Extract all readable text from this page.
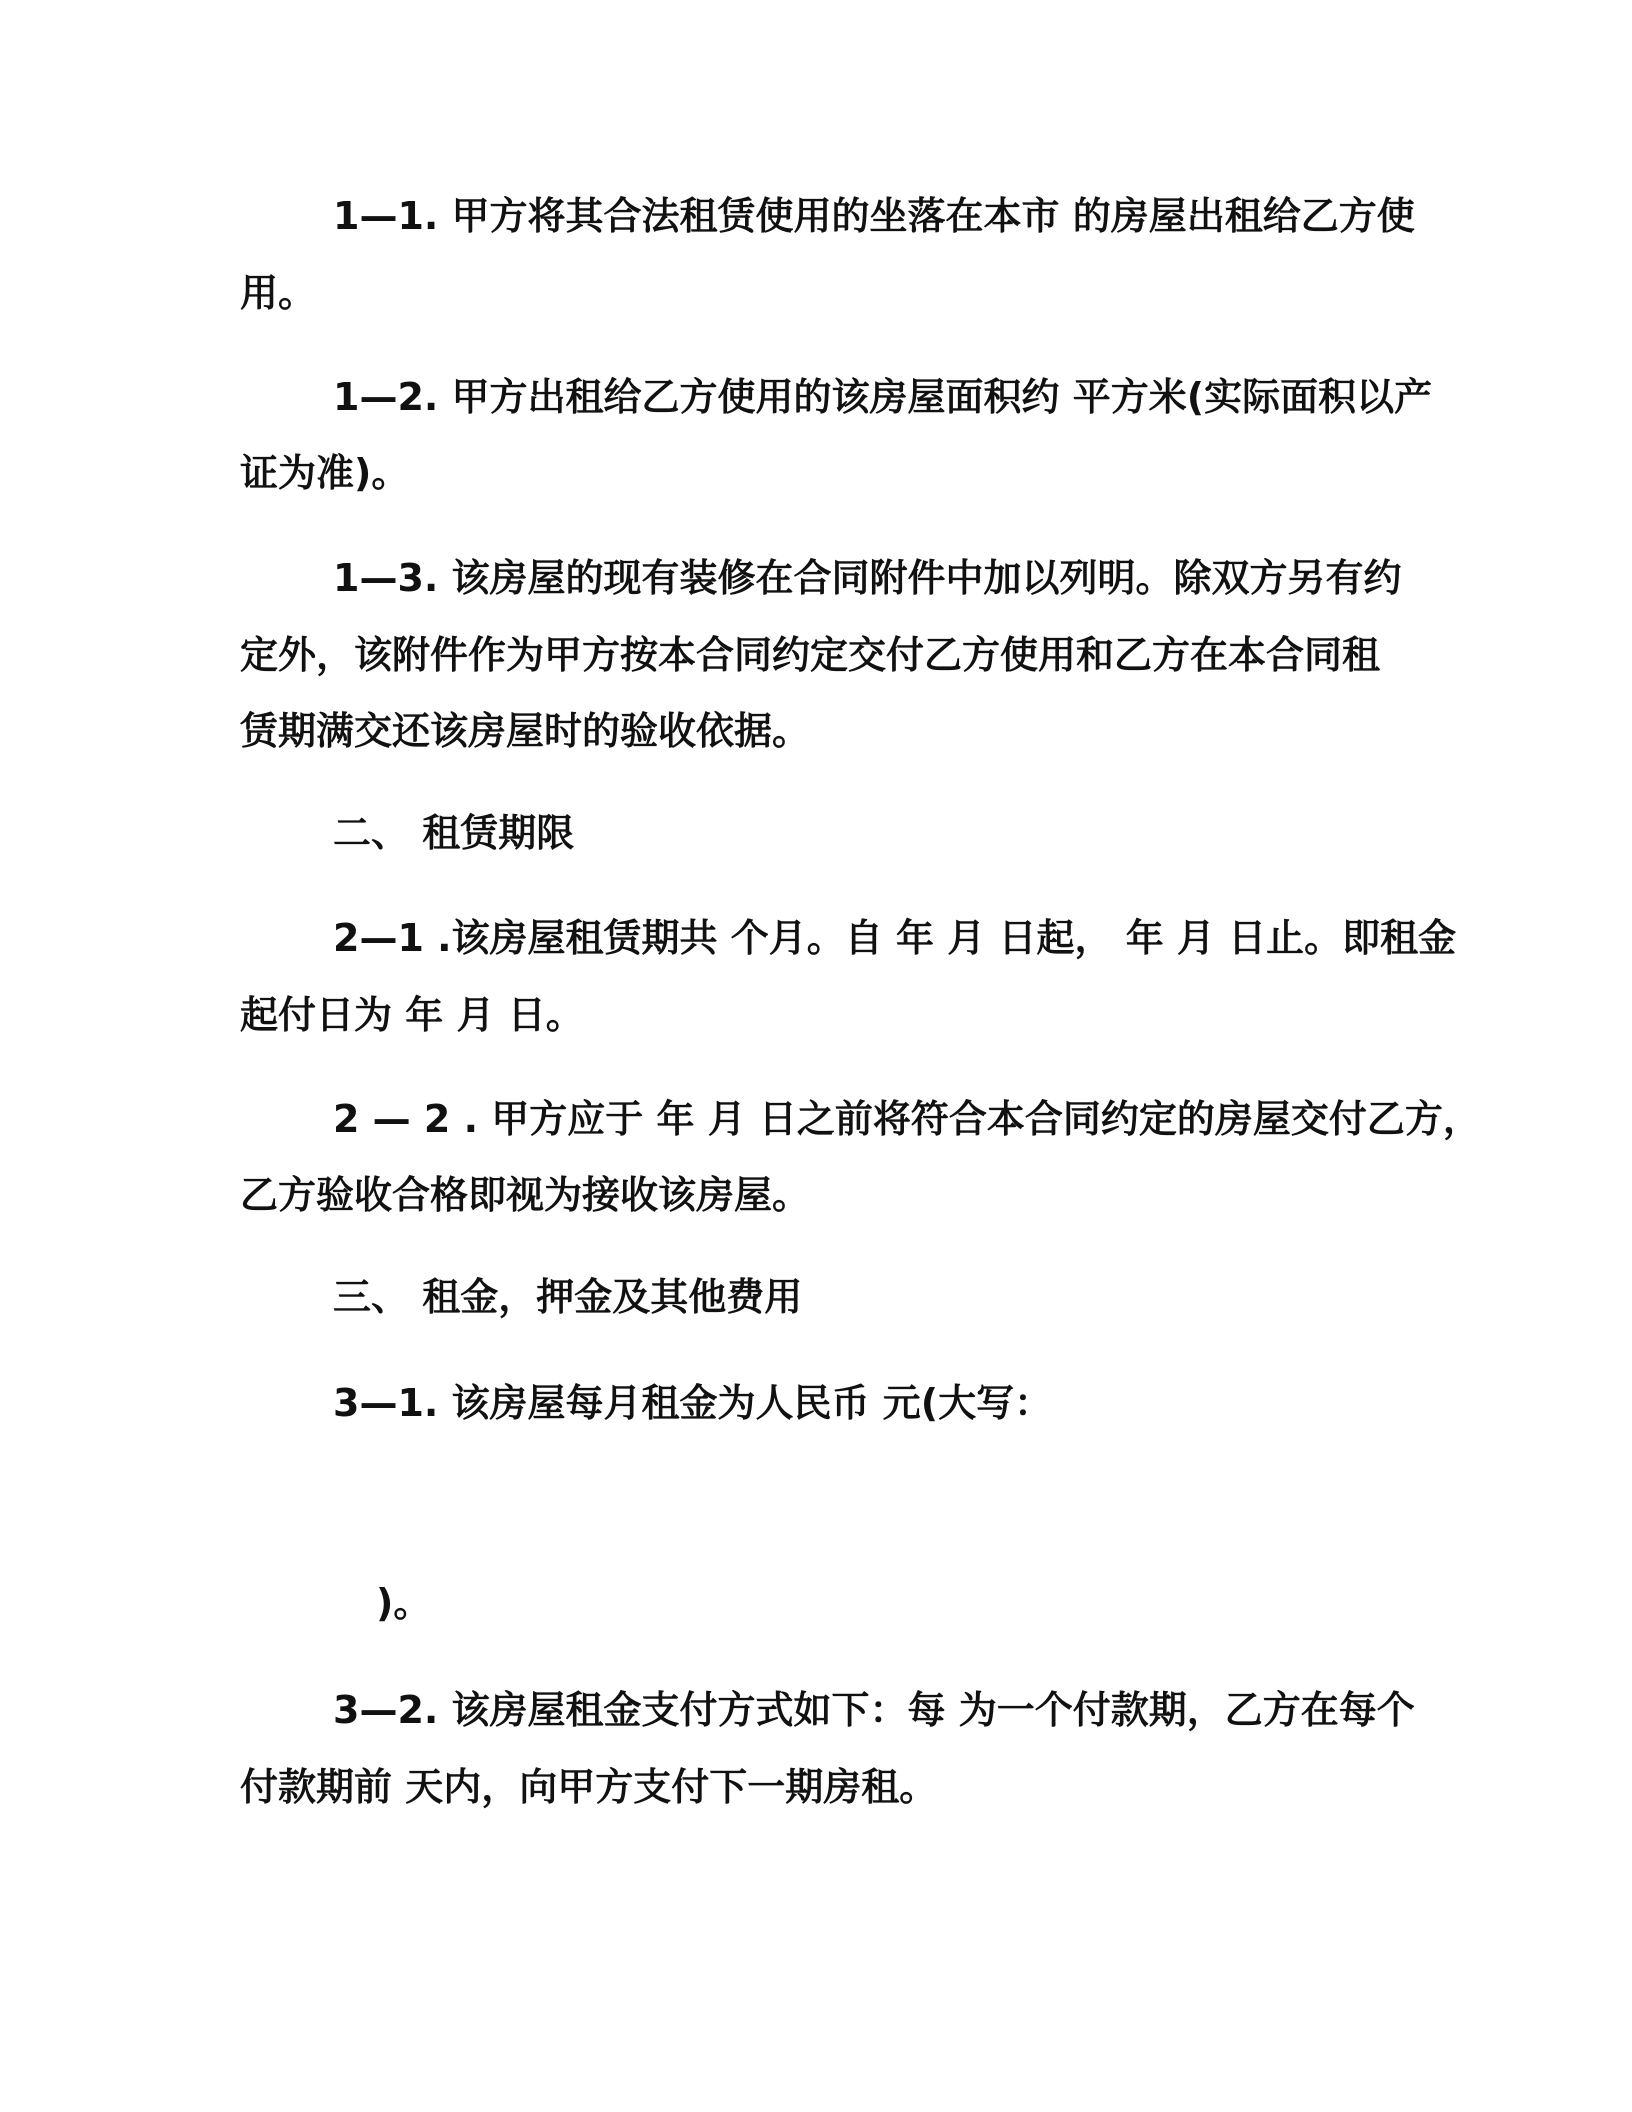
1—1. 甲方将其合法租赁使用的坐落在本市 的房屋出租给乙方使
用。
1—2. 甲方出租给乙方使用的该房屋面积约 平方米(实际面积以产
证为准)。
1—3. 该房屋的现有装修在合同附件中加以列明。除双方另有约
定外，该附件作为甲方按本合同约定交付乙方使用和乙方在本合同租
赁期满交还该房屋时的验收依据。
二、 租赁期限
2—1 .该房屋租赁期共 个月。自 年 月 日起， 年 月 日止。即租金
起付日为 年 月 日。
2 — 2 . 甲方应于 年 月 日之前将符合本合同约定的房屋交付乙方，
乙方验收合格即视为接收该房屋。
三、 租金，押金及其他费用
3—1. 该房屋每月租金为人民币 元(大写：
)。
3—2. 该房屋租金支付方式如下：每 为一个付款期，乙方在每个
付款期前 天内，向甲方支付下一期房租。
